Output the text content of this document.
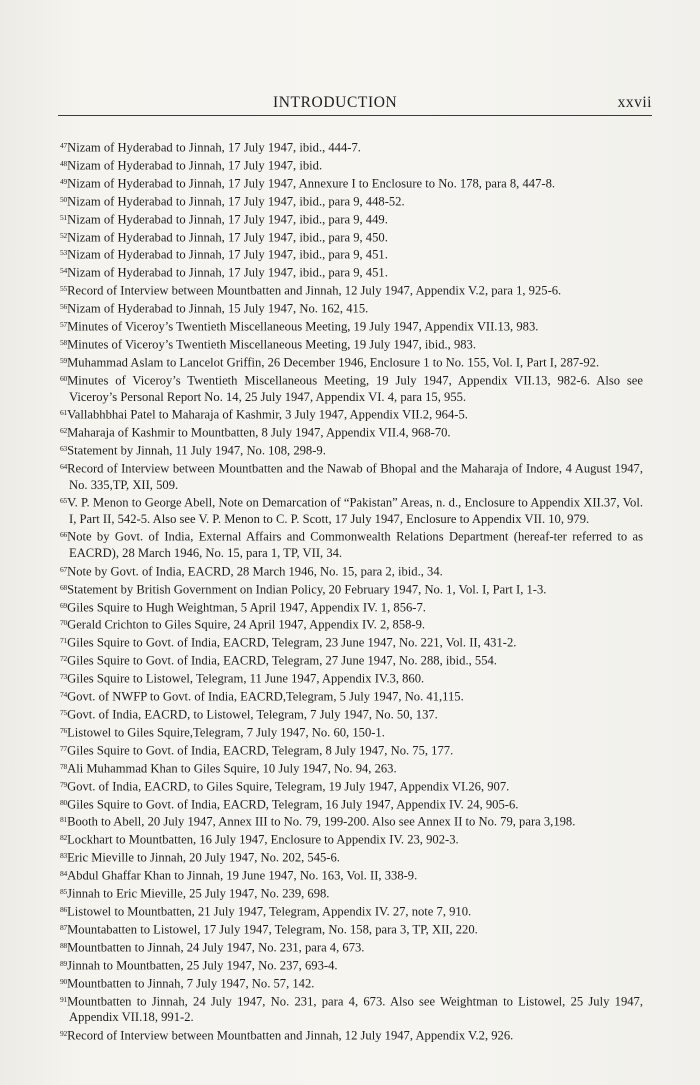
INTRODUCTION	xxvii
$^{47}$Nizam of Hyderabad to Jinnah, 17 July 1947, ibid., 444-7.
$^{48}$Nizam of Hyderabad to Jinnah, 17 July 1947, ibid.
$^{49}$Nizam of Hyderabad to Jinnah, 17 July 1947, Annexure I to Enclosure to No. 178, para 8, 447-8.
$^{50}$Nizam of Hyderabad to Jinnah, 17 July 1947, ibid., para 9, 448-52.
$^{51}$Nizam of Hyderabad to Jinnah, 17 July 1947, ibid., para 9, 449.
$^{52}$Nizam of Hyderabad to Jinnah, 17 July 1947, ibid., para 9, 450.
$^{53}$Nizam of Hyderabad to Jinnah, 17 July 1947, ibid., para 9, 451.
$^{54}$Nizam of Hyderabad to Jinnah, 17 July 1947, ibid., para 9, 451.
$^{55}$Record of Interview between Mountbatten and Jinnah, 12 July 1947, Appendix V.2, para 1, 925-6.
$^{56}$Nizam of Hyderabad to Jinnah, 15 July 1947, No. 162, 415.
$^{57}$Minutes of Viceroy’s Twentieth Miscellaneous Meeting, 19 July 1947, Appendix VII.13, 983.
$^{58}$Minutes of Viceroy’s Twentieth Miscellaneous Meeting, 19 July 1947, ibid., 983.
$^{59}$Muhammad Aslam to Lancelot Griffin, 26 December 1946, Enclosure 1 to No. 155, Vol. I, Part I, 287-92.
$^{60}$Minutes of Viceroy’s Twentieth Miscellaneous Meeting, 19 July 1947, Appendix VII.13, 982-6. Also see Viceroy’s Personal Report No. 14, 25 July 1947, Appendix VI. 4, para 15, 955.
$^{61}$Vallabhbhai Patel to Maharaja of Kashmir, 3 July 1947, Appendix VII.2, 964-5.
$^{62}$Maharaja of Kashmir to Mountbatten, 8 July 1947, Appendix VII.4, 968-70.
$^{63}$Statement by Jinnah, 11 July 1947, No. 108, 298-9.
$^{64}$Record of Interview between Mountbatten and the Nawab of Bhopal and the Maharaja of Indore, 4 August 1947, No. 335,TP, XII, 509.
$^{65}$V. P. Menon to George Abell, Note on Demarcation of “Pakistan” Areas, n. d., Enclosure to Appendix XII.37, Vol. I, Part II, 542-5. Also see V. P. Menon to C. P. Scott, 17 July 1947, Enclosure to Appendix VII. 10, 979.
$^{66}$Note by Govt. of India, External Affairs and Commonwealth Relations Department (hereaf-ter referred to as EACRD), 28 March 1946, No. 15, para 1, TP, VII, 34.
$^{67}$Note by Govt. of India, EACRD, 28 March 1946, No. 15, para 2, ibid., 34.
$^{68}$Statement by British Government on Indian Policy, 20 February 1947, No. 1, Vol. I, Part I, 1-3.
$^{69}$Giles Squire to Hugh Weightman, 5 April 1947, Appendix IV. 1, 856-7.
$^{70}$Gerald Crichton to Giles Squire, 24 April 1947, Appendix IV. 2, 858-9.
$^{71}$Giles Squire to Govt. of India, EACRD, Telegram, 23 June 1947, No. 221, Vol. II, 431-2.
$^{72}$Giles Squire to Govt. of India, EACRD, Telegram, 27 June 1947, No. 288, ibid., 554.
$^{73}$Giles Squire to Listowel, Telegram, 11 June 1947, Appendix IV.3, 860.
$^{74}$Govt. of NWFP to Govt. of India, EACRD,Telegram, 5 July 1947, No. 41,115.
$^{75}$Govt. of India, EACRD, to Listowel, Telegram, 7 July 1947, No. 50, 137.
$^{76}$Listowel to Giles Squire,Telegram, 7 July 1947, No. 60, 150-1.
$^{77}$Giles Squire to Govt. of India, EACRD, Telegram, 8 July 1947, No. 75, 177.
$^{78}$Ali Muhammad Khan to Giles Squire, 10 July 1947, No. 94, 263.
$^{79}$Govt. of India, EACRD, to Giles Squire, Telegram, 19 July 1947, Appendix VI.26, 907.
$^{80}$Giles Squire to Govt. of India, EACRD, Telegram, 16 July 1947, Appendix IV. 24, 905-6.
$^{81}$Booth to Abell, 20 July 1947, Annex III to No. 79, 199-200. Also see Annex II to No. 79, para 3,198.
$^{82}$Lockhart to Mountbatten, 16 July 1947, Enclosure to Appendix IV. 23, 902-3.
$^{83}$Eric Mieville to Jinnah, 20 July 1947, No. 202, 545-6.
$^{84}$Abdul Ghaffar Khan to Jinnah, 19 June 1947, No. 163, Vol. II, 338-9.
$^{85}$Jinnah to Eric Mieville, 25 July 1947, No. 239, 698.
$^{86}$Listowel to Mountbatten, 21 July 1947, Telegram, Appendix IV. 27, note 7, 910.
$^{87}$Mountabatten to Listowel, 17 July 1947, Telegram, No. 158, para 3, TP, XII, 220.
$^{88}$Mountbatten to Jinnah, 24 July 1947, No. 231, para 4, 673.
$^{89}$Jinnah to Mountbatten, 25 July 1947, No. 237, 693-4.
$^{90}$Mountbatten to Jinnah, 7 July 1947, No. 57, 142.
$^{91}$Mountbatten to Jinnah, 24 July 1947, No. 231, para 4, 673. Also see Weightman to Listowel, 25 July 1947, Appendix VII.18, 991-2.
$^{92}$Record of Interview between Mountbatten and Jinnah, 12 July 1947, Appendix V.2, 926.
